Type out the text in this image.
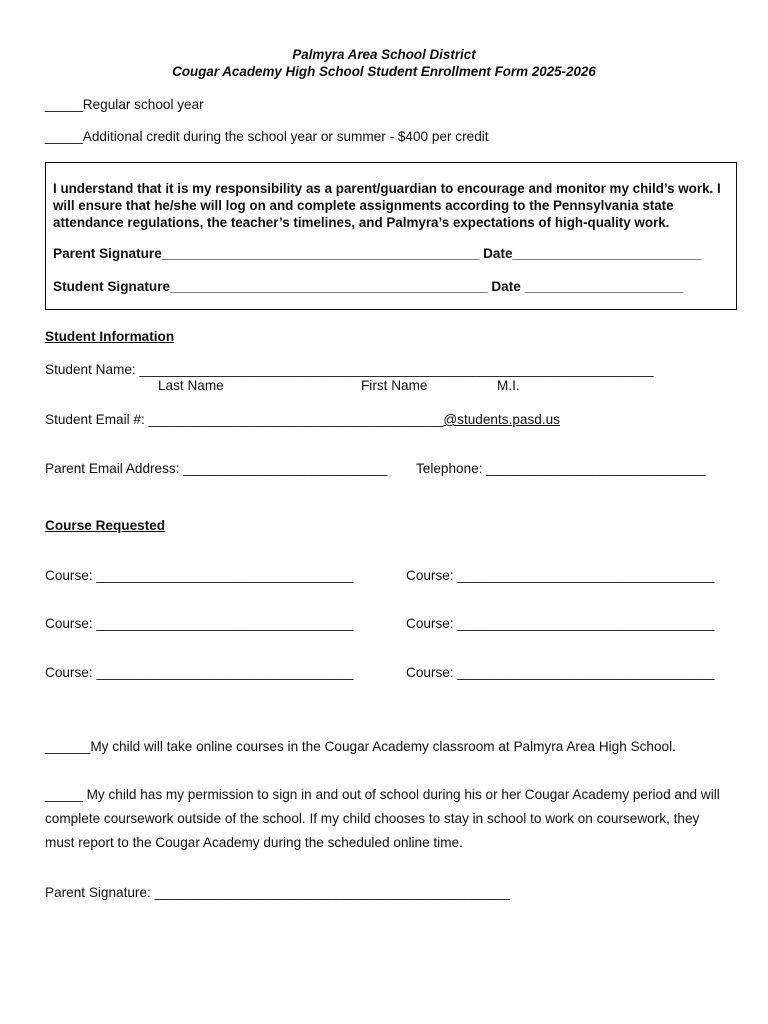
Palmyra Area School District
Cougar Academy High School Student Enrollment Form 2025-2026
_____Regular school year
_____Additional credit during the school year or summer - $400 per credit
I understand that it is my responsibility as a parent/guardian to encourage and monitor my child’s work. I will ensure that he/she will log on and complete assignments according to the Pennsylvania state attendance regulations, the teacher’s timelines, and Palmyra’s expectations of high-quality work.
Parent Signature__________________________________________ Date_________________________
Student Signature__________________________________________ Date _____________________
Student Information
Student Name: ____________________________________________________________________
Last Name	First Name	M.I.
Student Email #: _______________________________________@students.pasd.us
Parent Email Address: ___________________________ Telephone: _____________________________
Course Requested
Course: __________________________________	Course: __________________________________
Course: __________________________________	Course: __________________________________
Course: __________________________________	Course: __________________________________
______My child will take online courses in the Cougar Academy classroom at Palmyra Area High School.
_____ My child has my permission to sign in and out of school during his or her Cougar Academy period and will complete coursework outside of the school. If my child chooses to stay in school to work on coursework, they must report to the Cougar Academy during the scheduled online time.
Parent Signature: _______________________________________________
